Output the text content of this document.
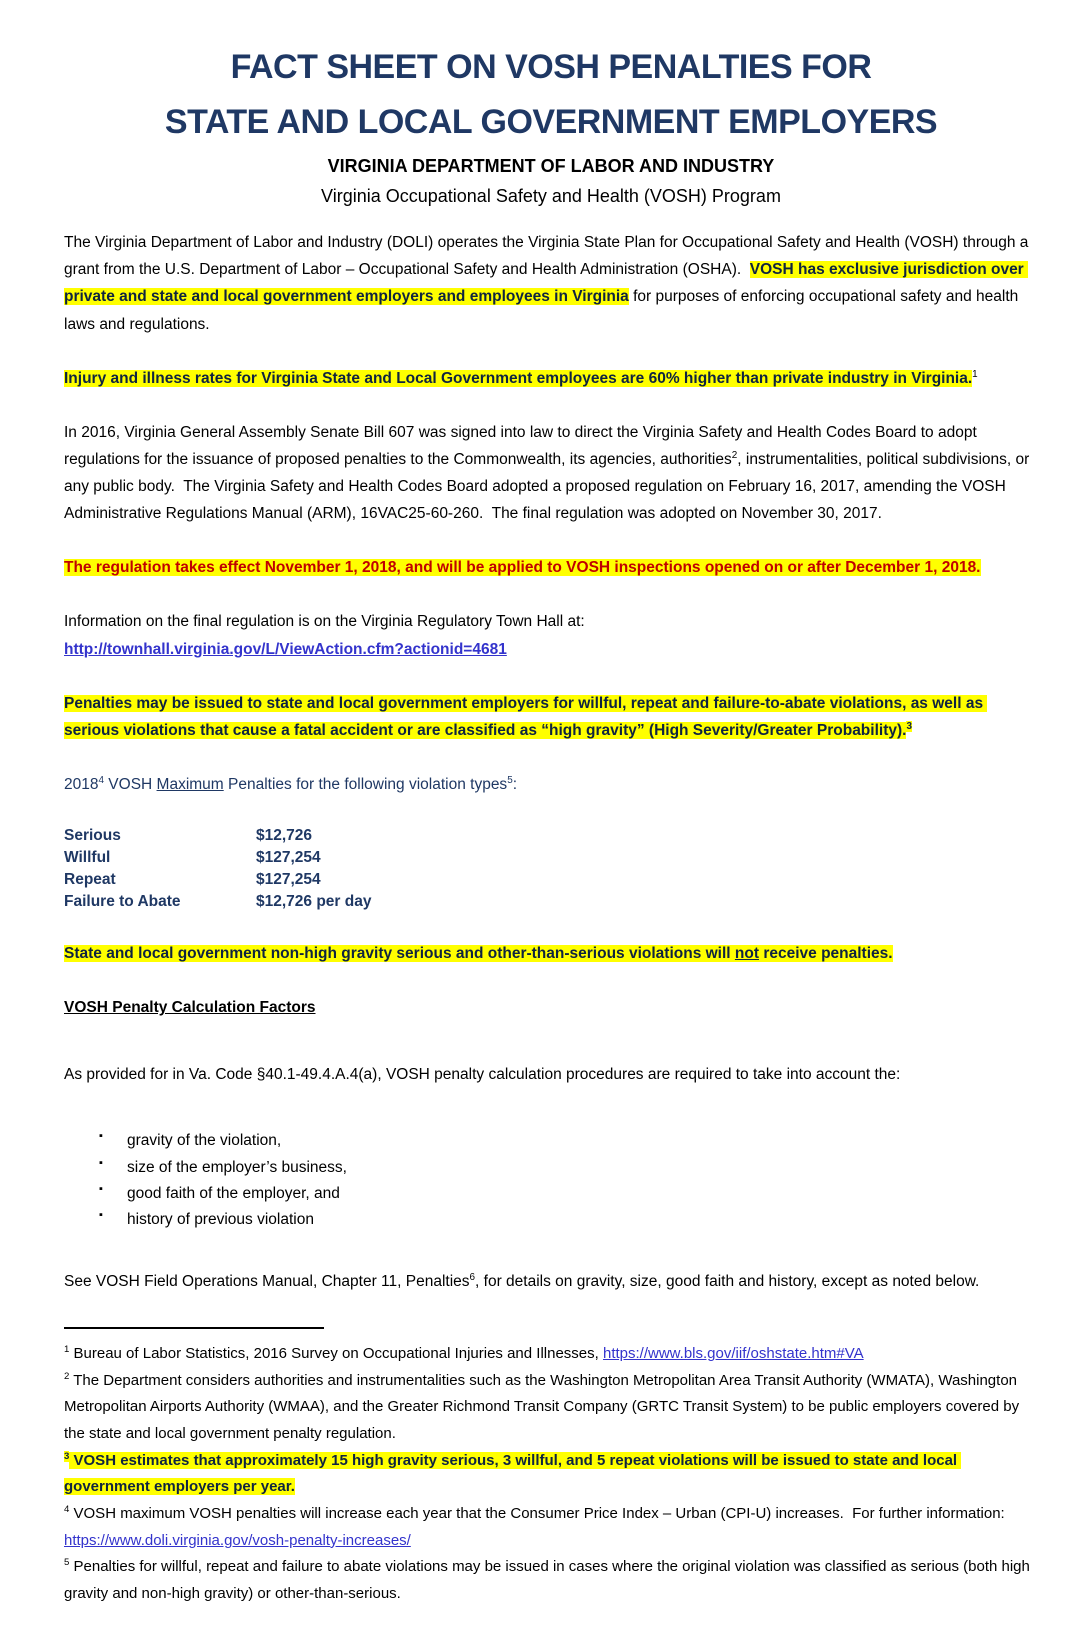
FACT SHEET ON VOSH PENALTIES FOR
STATE AND LOCAL GOVERNMENT EMPLOYERS
VIRGINIA DEPARTMENT OF LABOR AND INDUSTRY
Virginia Occupational Safety and Health (VOSH) Program
The Virginia Department of Labor and Industry (DOLI) operates the Virginia State Plan for Occupational Safety and Health (VOSH) through a grant from the U.S. Department of Labor – Occupational Safety and Health Administration (OSHA).  VOSH has exclusive jurisdiction over private and state and local government employers and employees in Virginia for purposes of enforcing occupational safety and health laws and regulations.
Injury and illness rates for Virginia State and Local Government employees are 60% higher than private industry in Virginia.$^1$
In 2016, Virginia General Assembly Senate Bill 607 was signed into law to direct the Virginia Safety and Health Codes Board to adopt regulations for the issuance of proposed penalties to the Commonwealth, its agencies, authorities$^2$, instrumentalities, political subdivisions, or any public body.  The Virginia Safety and Health Codes Board adopted a proposed regulation on February 16, 2017, amending the VOSH Administrative Regulations Manual (ARM), 16VAC25-60-260.  The final regulation was adopted on November 30, 2017.
The regulation takes effect November 1, 2018, and will be applied to VOSH inspections opened on or after December 1, 2018.
Information on the final regulation is on the Virginia Regulatory Town Hall at:
http://townhall.virginia.gov/L/ViewAction.cfm?actionid=4681
Penalties may be issued to state and local government employers for willful, repeat and failure-to-abate violations, as well as serious violations that cause a fatal accident or are classified as “high gravity” (High Severity/Greater Probability).$^3$
2018$^4$ VOSH Maximum Penalties for the following violation types$^5$:
Serious	$12,726
Willful	$127,254
Repeat	$127,254
Failure to Abate	$12,726 per day
State and local government non-high gravity serious and other-than-serious violations will not receive penalties.
VOSH Penalty Calculation Factors
As provided for in Va. Code §40.1-49.4.A.4(a), VOSH penalty calculation procedures are required to take into account the:
▪ gravity of the violation,
▪ size of the employer’s business,
▪ good faith of the employer, and
▪ history of previous violation
See VOSH Field Operations Manual, Chapter 11, Penalties$^6$, for details on gravity, size, good faith and history, except as noted below.
$^1$ Bureau of Labor Statistics, 2016 Survey on Occupational Injuries and Illnesses, https://www.bls.gov/iif/oshstate.htm#VA
$^2$ The Department considers authorities and instrumentalities such as the Washington Metropolitan Area Transit Authority (WMATA), Washington Metropolitan Airports Authority (WMAA), and the Greater Richmond Transit Company (GRTC Transit System) to be public employers covered by the state and local government penalty regulation.
$^3$ VOSH estimates that approximately 15 high gravity serious, 3 willful, and 5 repeat violations will be issued to state and local government employers per year.
$^4$ VOSH maximum VOSH penalties will increase each year that the Consumer Price Index – Urban (CPI-U) increases.  For further information:  https://www.doli.virginia.gov/vosh-penalty-increases/
$^5$ Penalties for willful, repeat and failure to abate violations may be issued in cases where the original violation was classified as serious (both high gravity and non-high gravity) or other-than-serious.
